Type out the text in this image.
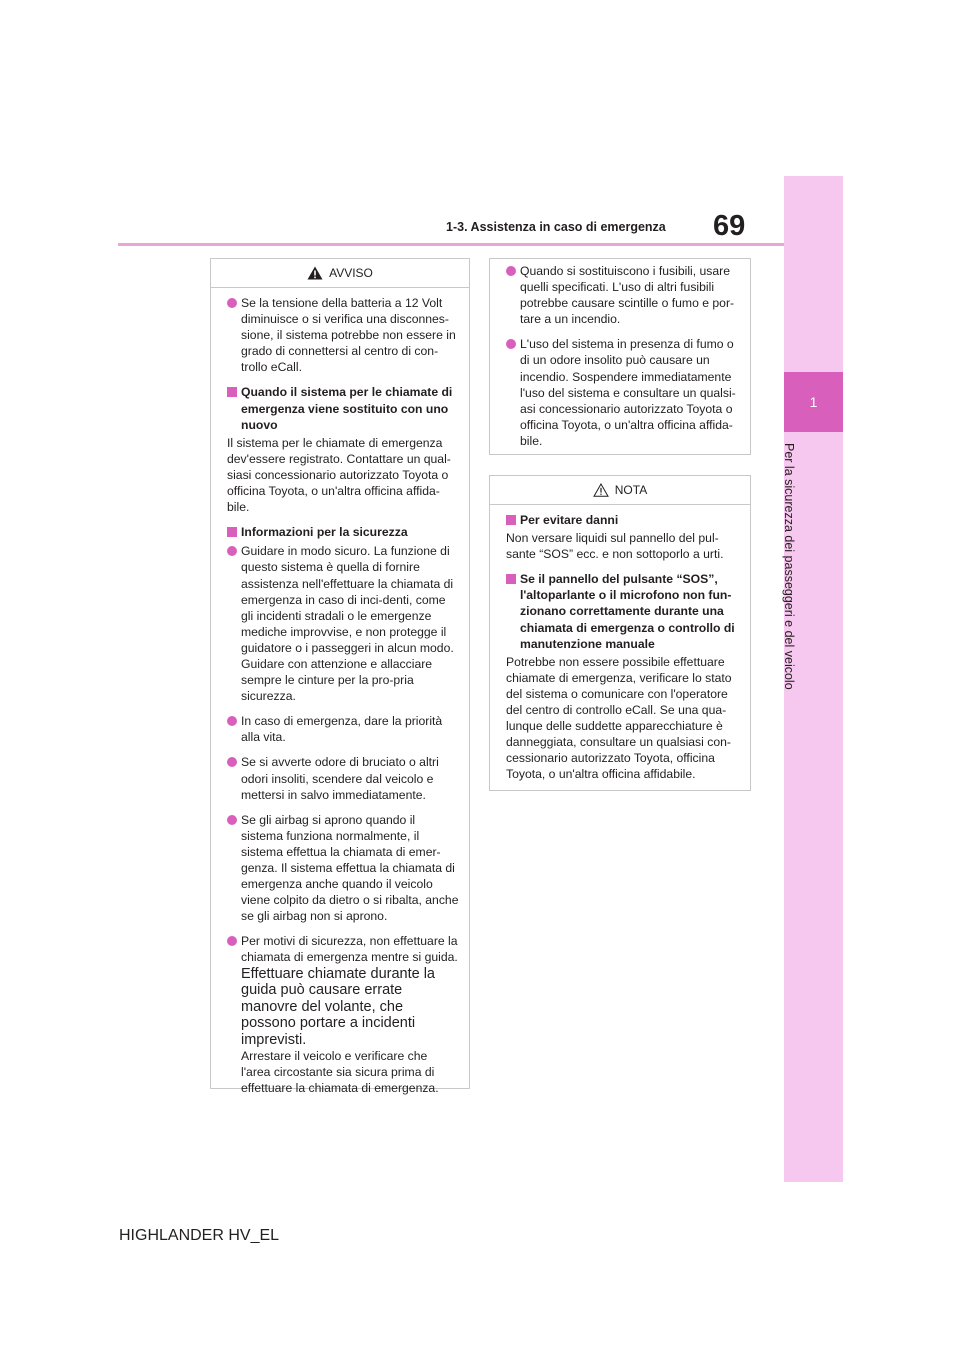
69
1-3. Assistenza in caso di emergenza
1
Per la sicurezza dei passeggeri e del veicolo
AVVISO

Se la tensione della batteria a 12 Volt diminuisce o si verifica una disconnes-sione, il sistema potrebbe non essere in grado di connettersi al centro di con-trollo eCall.

Quando il sistema per le chiamate di emergenza viene sostituito con uno nuovo

Il sistema per le chiamate di emergenza dev'essere registrato. Contattare un qual-siasi concessionario autorizzato Toyota o officina Toyota, o un'altra officina affida-bile.

Informazioni per la sicurezza

Guidare in modo sicuro. La funzione di questo sistema è quella di fornire assistenza nell'effettuare la chiamata di emergenza in caso di inci-denti, come gli incidenti stradali o le emergenze mediche improvvise, e non protegge il guidatore o i passeggeri in alcun modo. Guidare con attenzione e allacciare sempre le cinture per la pro-pria sicurezza.

In caso di emergenza, dare la priorità alla vita.

Se si avverte odore di bruciato o altri odori insoliti, scendere dal veicolo e mettersi in salvo immediatamente.

Se gli airbag si aprono quando il sistema funziona normalmente, il sistema effettua la chiamata di emer-genza. Il sistema effettua la chiamata di emergenza anche quando il veicolo viene colpito da dietro o si ribalta, anche se gli airbag non si aprono.

Per motivi di sicurezza, non effettuare la chiamata di emergenza mentre si guida.
Effettuare chiamate durante la guida può causare errate manovre del volante, che possono portare a incidenti imprevisti.
Arrestare il veicolo e verificare che l'area circostante sia sicura prima di effettuare la chiamata di emergenza.

Quando si sostituiscono i fusibili, usare quelli specificati. L'uso di altri fusibili potrebbe causare scintille o fumo e por-tare a un incendio.

L'uso del sistema in presenza di fumo o di un odore insolito può causare un incendio. Sospendere immediatamente l'uso del sistema e consultare un qualsi-asi concessionario autorizzato Toyota o officina Toyota, o un'altra officina affida-bile.

NOTA

Per evitare danni

Non versare liquidi sul pannello del pul-sante “SOS” ecc. e non sottoporlo a urti.

Se il pannello del pulsante “SOS”, l'altoparlante o il microfono non fun-zionano correttamente durante una chiamata di emergenza o controllo di manutenzione manuale

Potrebbe non essere possibile effettuare chiamate di emergenza, verificare lo stato del sistema o comunicare con l'operatore del centro di controllo eCall. Se una qua-lunque delle suddette apparecchiature è danneggiata, consultare un qualsiasi con-cessionario autorizzato Toyota, officina Toyota, o un'altra officina affidabile.

HIGHLANDER HV_EL
